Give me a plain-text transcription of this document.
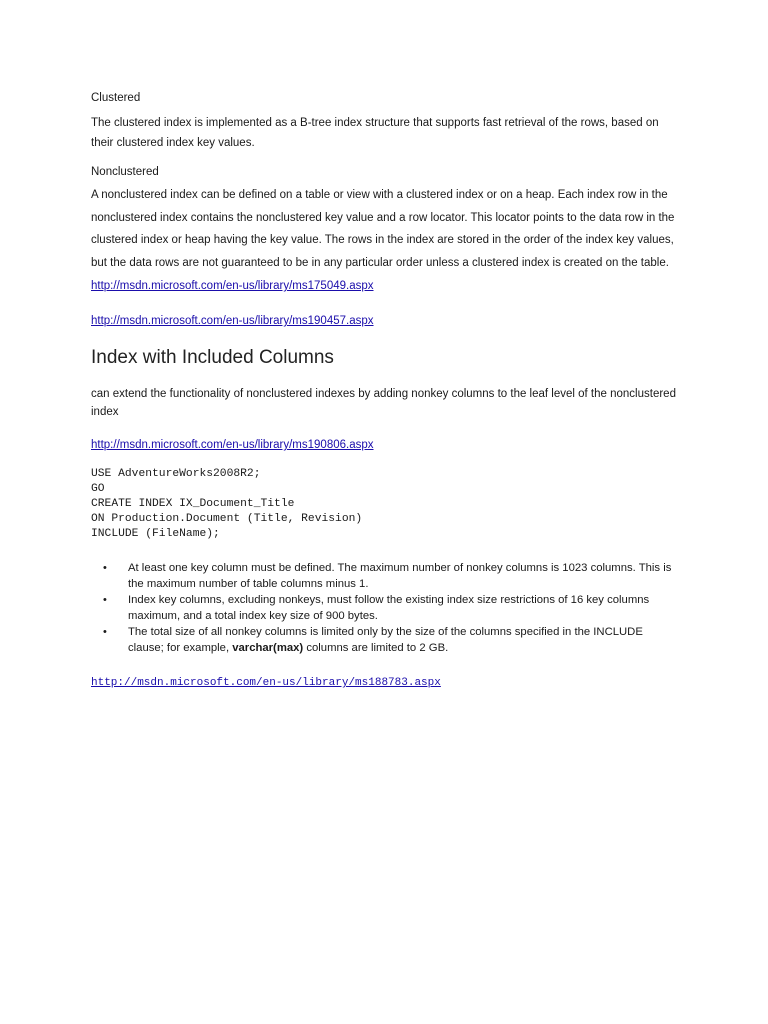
Clustered

The clustered index is implemented as a B-tree index structure that supports fast retrieval of the rows, based on their clustered index key values.

Nonclustered

A nonclustered index can be defined on a table or view with a clustered index or on a heap. Each index row in the nonclustered index contains the nonclustered key value and a row locator. This locator points to the data row in the clustered index or heap having the key value. The rows in the index are stored in the order of the index key values, but the data rows are not guaranteed to be in any particular order unless a clustered index is created on the table.

http://msdn.microsoft.com/en-us/library/ms175049.aspx
http://msdn.microsoft.com/en-us/library/ms190457.aspx
Index with Included Columns

can extend the functionality of nonclustered indexes by adding nonkey columns to the leaf level of the nonclustered index

http://msdn.microsoft.com/en-us/library/ms190806.aspx

USE AdventureWorks2008R2;

GO

CREATE INDEX IX_Document_Title

ON Production.Document (Title, Revision)

INCLUDE (FileName);

• At least one key column must be defined. The maximum number of nonkey columns is 1023 columns. This is the maximum number of table columns minus 1.
• Index key columns, excluding nonkeys, must follow the existing index size restrictions of 16 key columns maximum, and a total index key size of 900 bytes.
• The total size of all nonkey columns is limited only by the size of the columns specified in the INCLUDE clause; for example, varchar(max) columns are limited to 2 GB.
http://msdn.microsoft.com/en-us/library/ms188783.aspx
